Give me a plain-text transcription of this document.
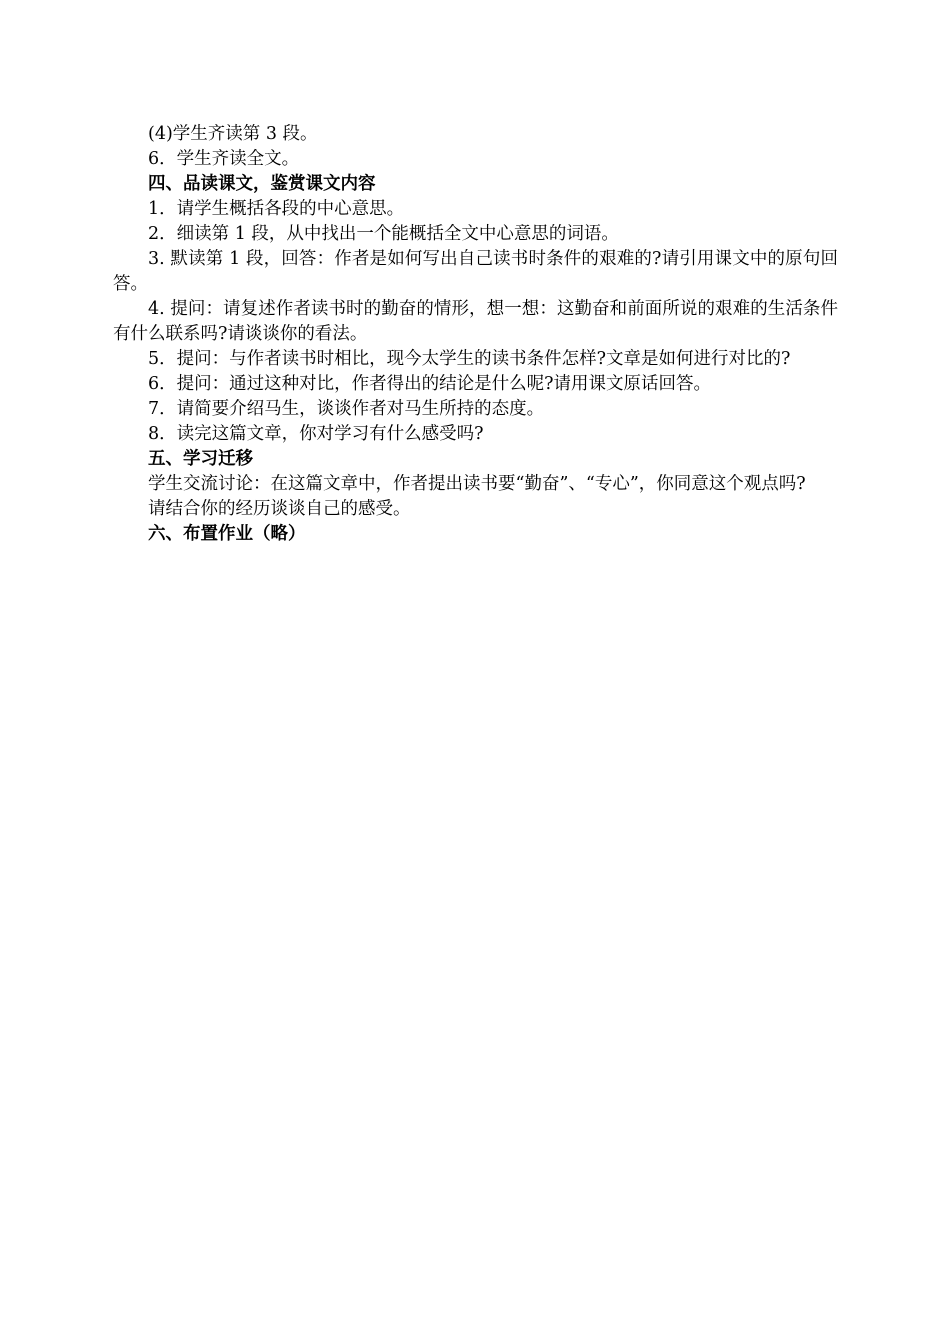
(4)学生齐读第 3 段。

6．学生齐读全文。

四、品读课文，鉴赏课文内容

1．请学生概括各段的中心意思。

2．细读第 1 段，从中找出一个能概括全文中心意思的词语。

3. 默读第 1 段，回答：作者是如何写出自己读书时条件的艰难的?请引用课文中的原句回答。

4. 提问：请复述作者读书时的勤奋的情形，想一想：这勤奋和前面所说的艰难的生活条件有什么联系吗?请谈谈你的看法。

5．提问：与作者读书时相比，现今太学生的读书条件怎样?文章是如何进行对比的?

6．提问：通过这种对比，作者得出的结论是什么呢?请用课文原话回答。

7．请简要介绍马生，谈谈作者对马生所持的态度。

8．读完这篇文章，你对学习有什么感受吗?

五、学习迁移

学生交流讨论：在这篇文章中，作者提出读书要“勤奋”、“专心”，你同意这个观点吗?

请结合你的经历谈谈自己的感受。

六、布置作业（略）
